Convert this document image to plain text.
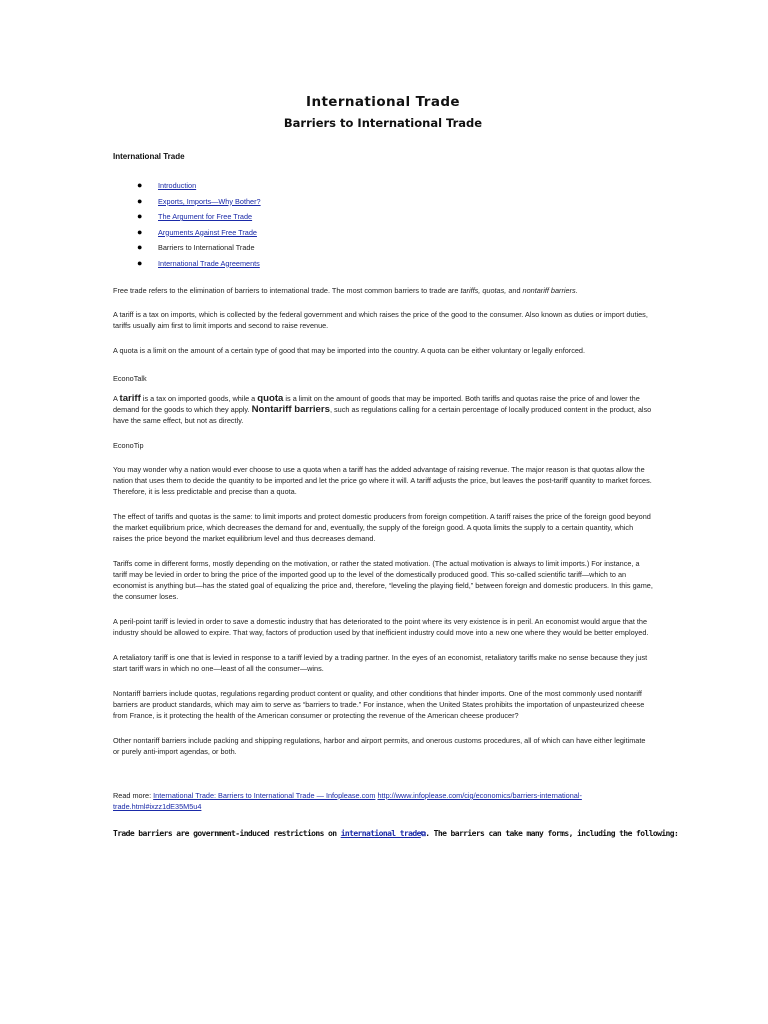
International Trade
Barriers to International Trade
International Trade
● Introduction
● Exports, Imports—Why Bother?
● The Argument for Free Trade
● Arguments Against Free Trade
● Barriers to International Trade
● International Trade Agreements

Free trade refers to the elimination of barriers to international trade. The most common barriers to trade are tariffs, quotas, and nontariff barriers.

A tariff is a tax on imports, which is collected by the federal government and which raises the price of the good to the consumer. Also known as duties or import duties, tariffs usually aim first to limit imports and second to raise revenue.

A quota is a limit on the amount of a certain type of good that may be imported into the country. A quota can be either voluntary or legally enforced.

EconoTalk

A tariff is a tax on imported goods, while a quota is a limit on the amount of goods that may be imported. Both tariffs and quotas raise the price of and lower the demand for the goods to which they apply. Nontariff barriers, such as regulations calling for a certain percentage of locally produced content in the product, also have the same effect, but not as directly.

EconoTip

You may wonder why a nation would ever choose to use a quota when a tariff has the added advantage of raising revenue. The major reason is that quotas allow the nation that uses them to decide the quantity to be imported and let the price go where it will. A tariff adjusts the price, but leaves the post-tariff quantity to market forces. Therefore, it is less predictable and precise than a quota.

The effect of tariffs and quotas is the same: to limit imports and protect domestic producers from foreign competition. A tariff raises the price of the foreign good beyond the market equilibrium price, which decreases the demand for and, eventually, the supply of the foreign good. A quota limits the supply to a certain quantity, which raises the price beyond the market equilibrium level and thus decreases demand.

Tariffs come in different forms, mostly depending on the motivation, or rather the stated motivation. (The actual motivation is always to limit imports.) For instance, a tariff may be levied in order to bring the price of the imported good up to the level of the domestically produced good. This so-called scientific tariff—which to an economist is anything but—has the stated goal of equalizing the price and, therefore, “leveling the playing field,” between foreign and domestic producers. In this game, the consumer loses.

A peril-point tariff is levied in order to save a domestic industry that has deteriorated to the point where its very existence is in peril. An economist would argue that the industry should be allowed to expire. That way, factors of production used by that inefficient industry could move into a new one where they would be better employed.

A retaliatory tariff is one that is levied in response to a tariff levied by a trading partner. In the eyes of an economist, retaliatory tariffs make no sense because they just start tariff wars in which no one—least of all the consumer—wins.

Nontariff barriers include quotas, regulations regarding product content or quality, and other conditions that hinder imports. One of the most commonly used nontariff barriers are product standards, which may aim to serve as “barriers to trade.” For instance, when the United States prohibits the importation of unpasteurized cheese from France, is it protecting the health of the American consumer or protecting the revenue of the American cheese producer?

Other nontariff barriers include packing and shipping regulations, harbor and airport permits, and onerous customs procedures, all of which can have either legitimate or purely anti-import agendas, or both.

Read more: International Trade: Barriers to International Trade — Infoplease.com http://www.infoplease.com/cig/economics/barriers-international-trade.html#ixzz1dE35M5u4

Trade barriers are government-induced restrictions on international trade⧉. The barriers can take many forms, including the following:
